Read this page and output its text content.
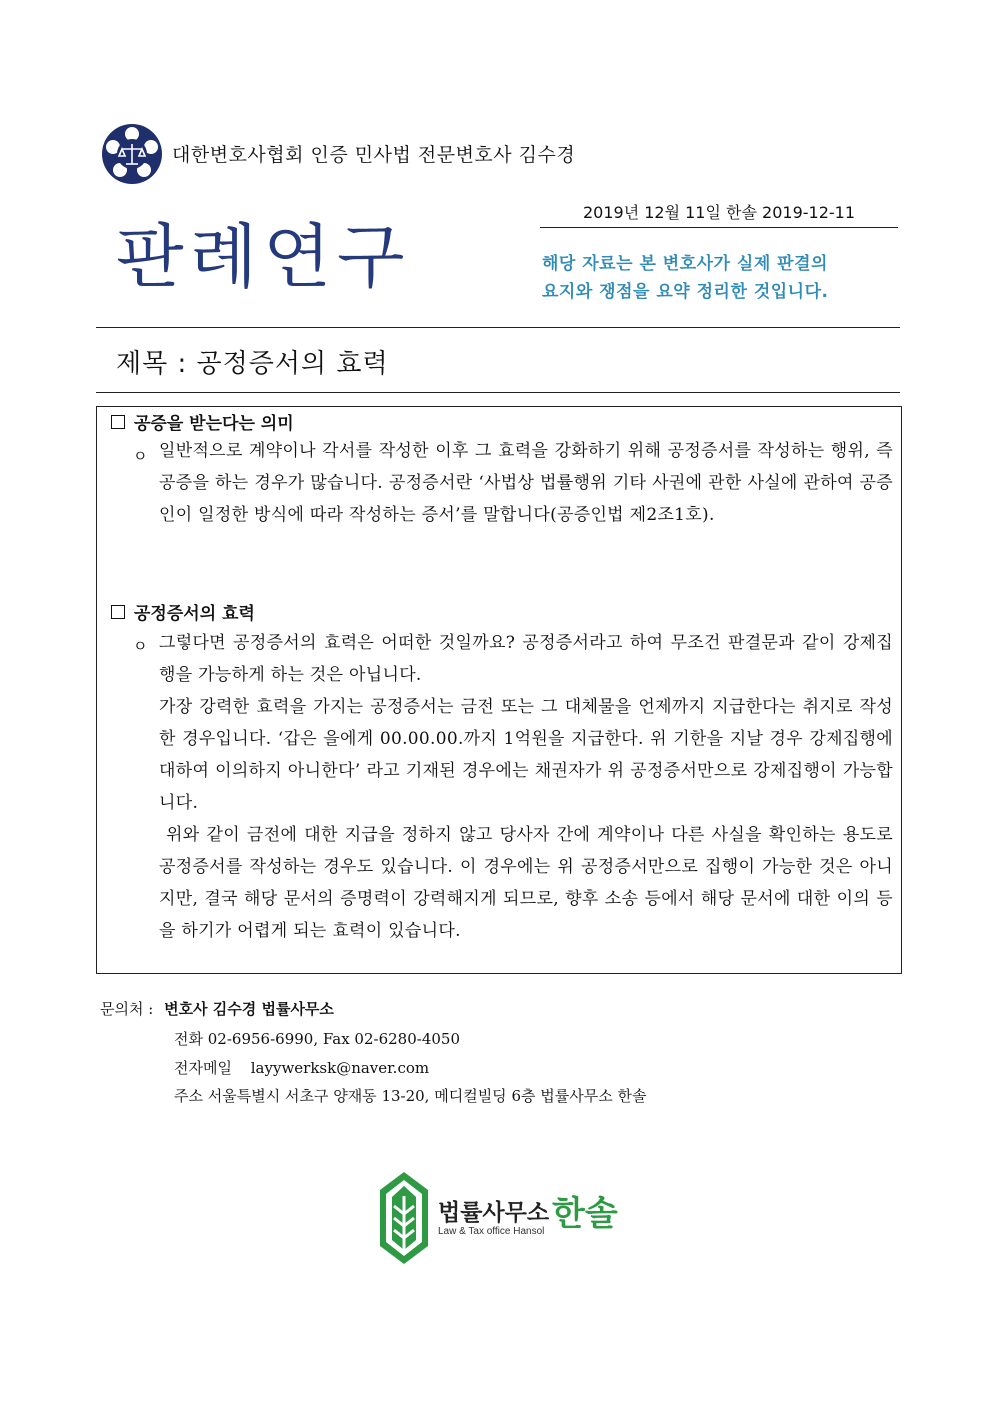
대한변호사협회 인증 민사법 전문변호사 김수경
2019년 12월 11일 한솔 2019-12-11
판례연구	해당 자료는 본 변호사가 실제 판결의
요지와 쟁점을 요약 정리한 것입니다.
제목 : 공정증서의 효력
공증을 받는다는 의미
ㅇ 일반적으로 계약이나 각서를 작성한 이후 그 효력을 강화하기 위해 공정증서를 작성하는 행위, 즉 공증을 하는 경우가 많습니다. 공정증서란 ‘사법상 법률행위 기타 사권에 관한 사실에 관하여 공증인이 일정한 방식에 따라 작성하는 증서’를 말합니다(공증인법 제2조1호).
공정증서의 효력
ㅇ 그렇다면 공정증서의 효력은 어떠한 것일까요? 공정증서라고 하여 무조건 판결문과 같이 강제집행을 가능하게 하는 것은 아닙니다.
가장 강력한 효력을 가지는 공정증서는 금전 또는 그 대체물을 언제까지 지급한다는 취지로 작성한 경우입니다. ‘갑은 을에게 00.00.00.까지 1억원을 지급한다. 위 기한을 지날 경우 강제집행에 대하여 이의하지 아니한다’ 라고 기재된 경우에는 채권자가 위 공정증서만으로 강제집행이 가능합니다.
위와 같이 금전에 대한 지급을 정하지 않고 당사자 간에 계약이나 다른 사실을 확인하는 용도로 공정증서를 작성하는 경우도 있습니다. 이 경우에는 위 공정증서만으로 집행이 가능한 것은 아니지만, 결국 해당 문서의 증명력이 강력해지게 되므로, 향후 소송 등에서 해당 문서에 대한 이의 등을 하기가 어렵게 되는 효력이 있습니다.
문의처 : 변호사 김수경 법률사무소
전화 02-6956-6990, Fax 02-6280-4050
전자메일 layywerksk@naver.com
주소 서울특별시 서초구 양재동 13-20, 메디컬빌딩 6층 법률사무소 한솔
법률사무소 한솔
Law & Tax office Hansol
